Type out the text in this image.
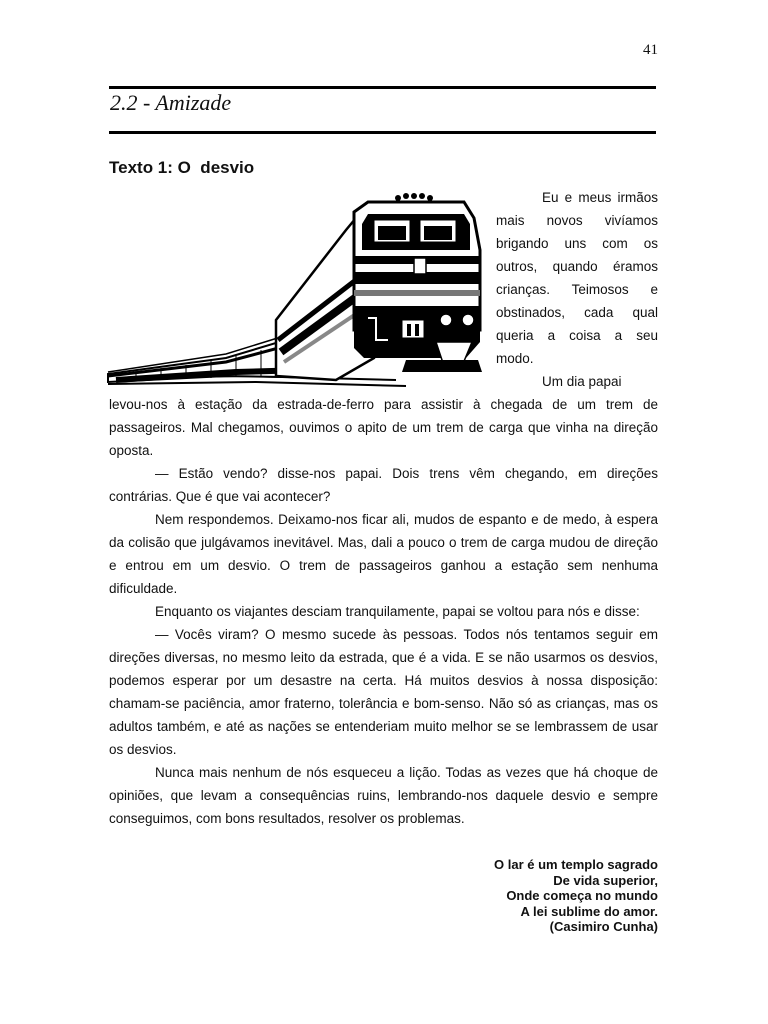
41
2.2 - Amizade
Texto 1: O  desvio

Eu e meus irmãos mais novos vivíamos brigando uns com os outros, quando éramos crianças. Teimosos e obstinados, cada qual queria a coisa a seu modo.

Um dia papai

levou-nos à estação da estrada-de-ferro para assistir à chegada de um trem de passageiros. Mal chegamos, ouvimos o apito de um trem de carga que vinha na direção oposta.

— Estão vendo? disse-nos papai. Dois trens vêm chegando, em direções contrárias. Que é que vai acontecer?

Nem respondemos. Deixamo-nos ficar ali, mudos de espanto e de medo, à espera da colisão que julgávamos inevitável. Mas, dali a pouco o trem de carga mudou de direção e entrou em um desvio. O trem de passageiros ganhou a estação sem nenhuma dificuldade.

Enquanto os viajantes desciam tranquilamente, papai se voltou para nós e disse:

— Vocês viram? O mesmo sucede às pessoas. Todos nós tentamos seguir em direções diversas, no mesmo leito da estrada, que é a vida. E se não usarmos os desvios, podemos esperar por um desastre na certa. Há muitos desvios à nossa disposição: chamam-se paciência, amor fraterno, tolerância e bom-senso. Não só as crianças, mas os adultos também, e até as nações se entenderiam muito melhor se se lembrassem de usar os desvios.

Nunca mais nenhum de nós esqueceu a lição. Todas as vezes que há choque de opiniões, que levam a consequências ruins, lembrando-nos daquele desvio e sempre conseguimos, com bons resultados, resolver os problemas.

O lar é um templo sagrado
De vida superior,
Onde começa no mundo
A lei sublime do amor.
(Casimiro Cunha)
